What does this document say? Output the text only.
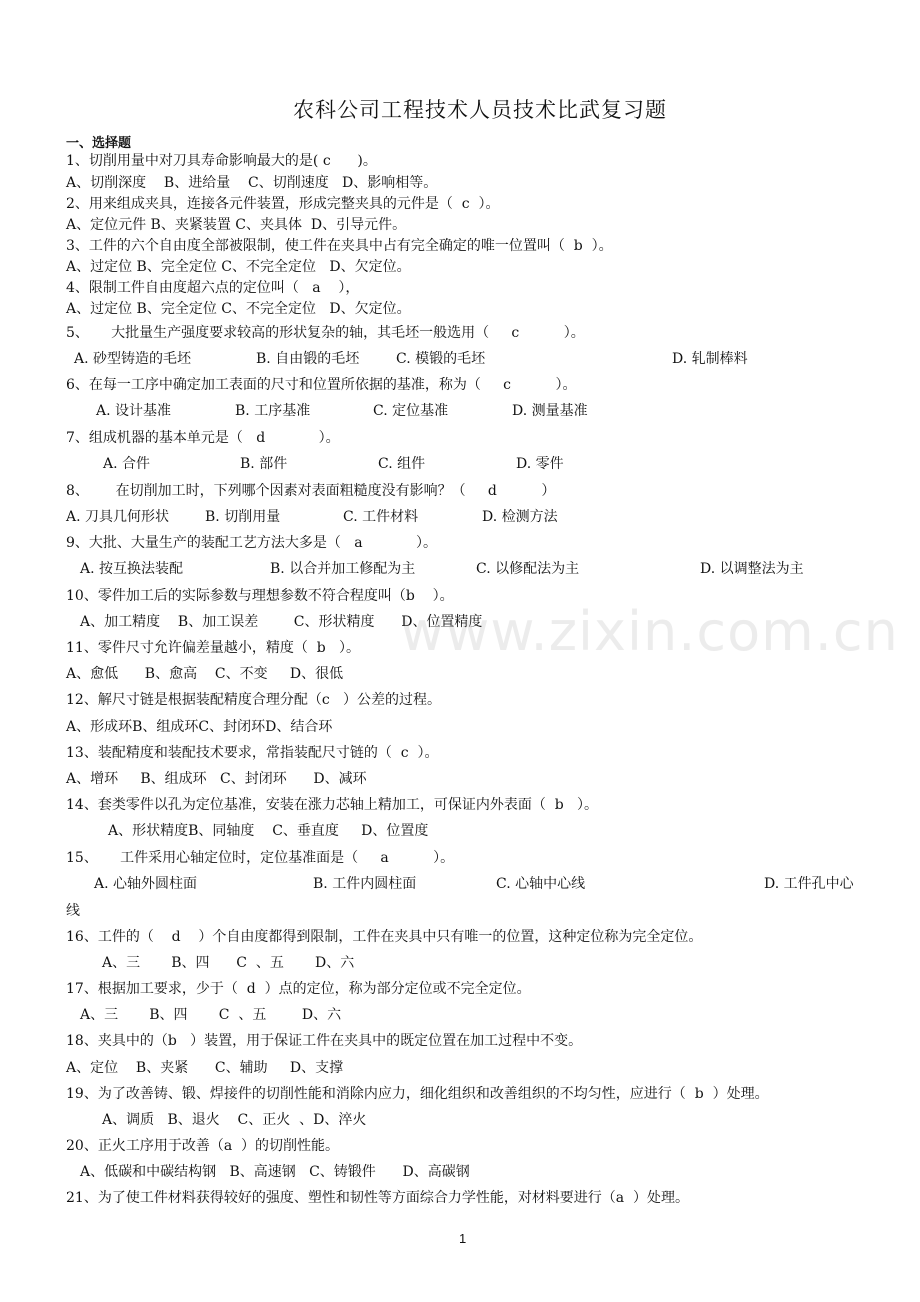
农科公司工程技术人员技术比武复习题
一、选择题
1、切削用量中对刀具寿命影响最大的是( c      )。
A、切削深度    B、进给量    C、切削速度   D、影响相等。
2、用来组成夹具，连接各元件装置，形成完整夹具的元件是（  c  ）。
A、定位元件 B、夹紧装置 C、夹具体  D、引导元件。
3、工件的六个自由度全部被限制，使工件在夹具中占有完全确定的唯一位置叫（  b  ）。
A、过定位 B、完全定位 C、不完全定位   D、欠定位。
4、限制工件自由度超六点的定位叫（   a    ），
A、过定位 B、完全定位 C、不完全定位   D、欠定位。
5、     大批量生产强度要求较高的形状复杂的轴，其毛坯一般选用（     c          ）。
6、在每一工序中确定加工表面的尺寸和位置所依据的基准，称为（     c          ）。
7、组成机器的基本单元是（   d            ）。
8、      在切削加工时，下列哪个因素对表面粗糙度没有影响？（     d          ）
9、大批、大量生产的装配工艺方法大多是（   a            ）。
10、零件加工后的实际参数与理想参数不符合程度叫（b    ）。
A、加工精度    B、加工误差        C、形状精度      D、位置精度
11、零件尺寸允许偏差量越小，精度（  b   ）。
A、愈低      B、愈高    C、不变     D、很低
12、解尺寸链是根据装配精度合理分配（c   ）公差的过程。
A、形成环B、组成环C、封闭环D、结合环
13、装配精度和装配技术要求，常指装配尺寸链的（  c  ）。
A、增环     B、组成环   C、封闭环      D、减环
14、套类零件以孔为定位基准，安装在涨力芯轴上精加工，可保证内外表面（  b   ）。
A、形状精度B、同轴度    C、垂直度     D、位置度
15、     工件采用心轴定位时，定位基准面是（     a          ）。
线
16、工件的（    d    ）个自由度都得到限制，工件在夹具中只有唯一的位置，这种定位称为完全定位。
A、三       B、四      C  、五       D、六
17、根据加工要求，少于（  d  ）点的定位，称为部分定位或不完全定位。
A、三       B、四       C  、五        D、六
18、夹具中的（b   ）装置，用于保证工件在夹具中的既定位置在加工过程中不变。
A、定位    B、夹紧      C、辅助     D、支撑
19、为了改善铸、锻、焊接件的切削性能和消除内应力，细化组织和改善组织的不均匀性，应进行（  b  ）处理。
A、调质   B、退火    C、正火  、D、淬火
20、正火工序用于改善（a  ）的切削性能。
A、低碳和中碳结构钢   B、高速钢   C、铸锻件      D、高碳钢
21、为了使工件材料获得较好的强度、塑性和韧性等方面综合力学性能，对材料要进行（a  ）处理。
A. 砂型铸造的毛坯	B. 自由锻的毛坯	C. 模锻的毛坯	D. 轧制棒料
A. 设计基准	B. 工序基准	C. 定位基准	D. 测量基准
A. 合件	B. 部件	C. 组件	D. 零件
A. 刀具几何形状	B. 切削用量	C. 工件材料	D. 检测方法
A. 按互换法装配	B. 以合并加工修配为主	C. 以修配法为主	D. 以调整法为主
A. 心轴外圆柱面	B. 工件内圆柱面	C. 心轴中心线	D. 工件孔中心
www.zixin.com.cn
1
